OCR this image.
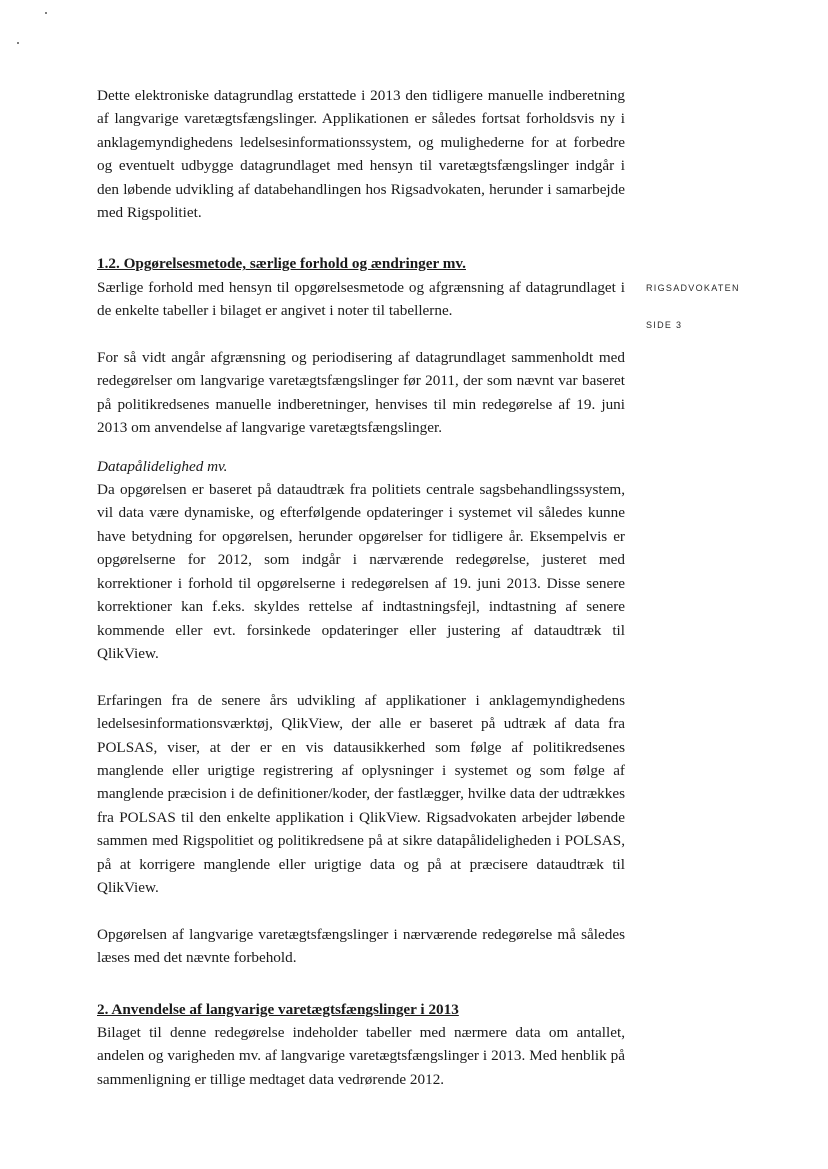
Dette elektroniske datagrundlag erstattede i 2013 den tidligere manuelle indberetning af langvarige varetægtsfængslinger. Applikationen er således fortsat forholdsvis ny i anklagemyndighedens ledelsesinformationssystem, og mulighederne for at forbedre og eventuelt udbygge datagrundlaget med hensyn til varetægtsfængslinger indgår i den løbende udvikling af databehandlingen hos Rigsadvokaten, herunder i samarbejde med Rigspolitiet.

1.2. Opgørelsesmetode, særlige forhold og ændringer mv.

Særlige forhold med hensyn til opgørelsesmetode og afgrænsning af datagrundlaget i de enkelte tabeller i bilaget er angivet i noter til tabellerne.

For så vidt angår afgrænsning og periodisering af datagrundlaget sammenholdt med redegørelser om langvarige varetægtsfængslinger før 2011, der som nævnt var baseret på politikredsenes manuelle indberetninger, henvises til min redegørelse af 19. juni 2013 om anvendelse af langvarige varetægtsfængslinger.

Datapålidelighed mv.

Da opgørelsen er baseret på dataudtræk fra politiets centrale sagsbehandlingssystem, vil data være dynamiske, og efterfølgende opdateringer i systemet vil således kunne have betydning for opgørelsen, herunder opgørelser for tidligere år. Eksempelvis er opgørelserne for 2012, som indgår i nærværende redegørelse, justeret med korrektioner i forhold til opgørelserne i redegørelsen af 19. juni 2013. Disse senere korrektioner kan f.eks. skyldes rettelse af indtastningsfejl, indtastning af senere kommende eller evt. forsinkede opdateringer eller justering af dataudtræk til QlikView.

Erfaringen fra de senere års udvikling af applikationer i anklagemyndighedens ledelsesinformationsværktøj, QlikView, der alle er baseret på udtræk af data fra POLSAS, viser, at der er en vis datausikkerhed som følge af politikredsenes manglende eller urigtige registrering af oplysninger i systemet og som følge af manglende præcision i de definitioner/koder, der fastlægger, hvilke data der udtrækkes fra POLSAS til den enkelte applikation i QlikView. Rigsadvokaten arbejder løbende sammen med Rigspolitiet og politikredsene på at sikre datapålideligheden i POLSAS, på at korrigere manglende eller urigtige data og på at præcisere dataudtræk til QlikView.

Opgørelsen af langvarige varetægtsfængslinger i nærværende redegørelse må således læses med det nævnte forbehold.

2. Anvendelse af langvarige varetægtsfængslinger i 2013

Bilaget til denne redegørelse indeholder tabeller med nærmere data om antallet, andelen og varigheden mv. af langvarige varetægtsfængslinger i 2013. Med henblik på sammenligning er tillige medtaget data vedrørende 2012.

RIGSADVOKATEN
SIDE 3
